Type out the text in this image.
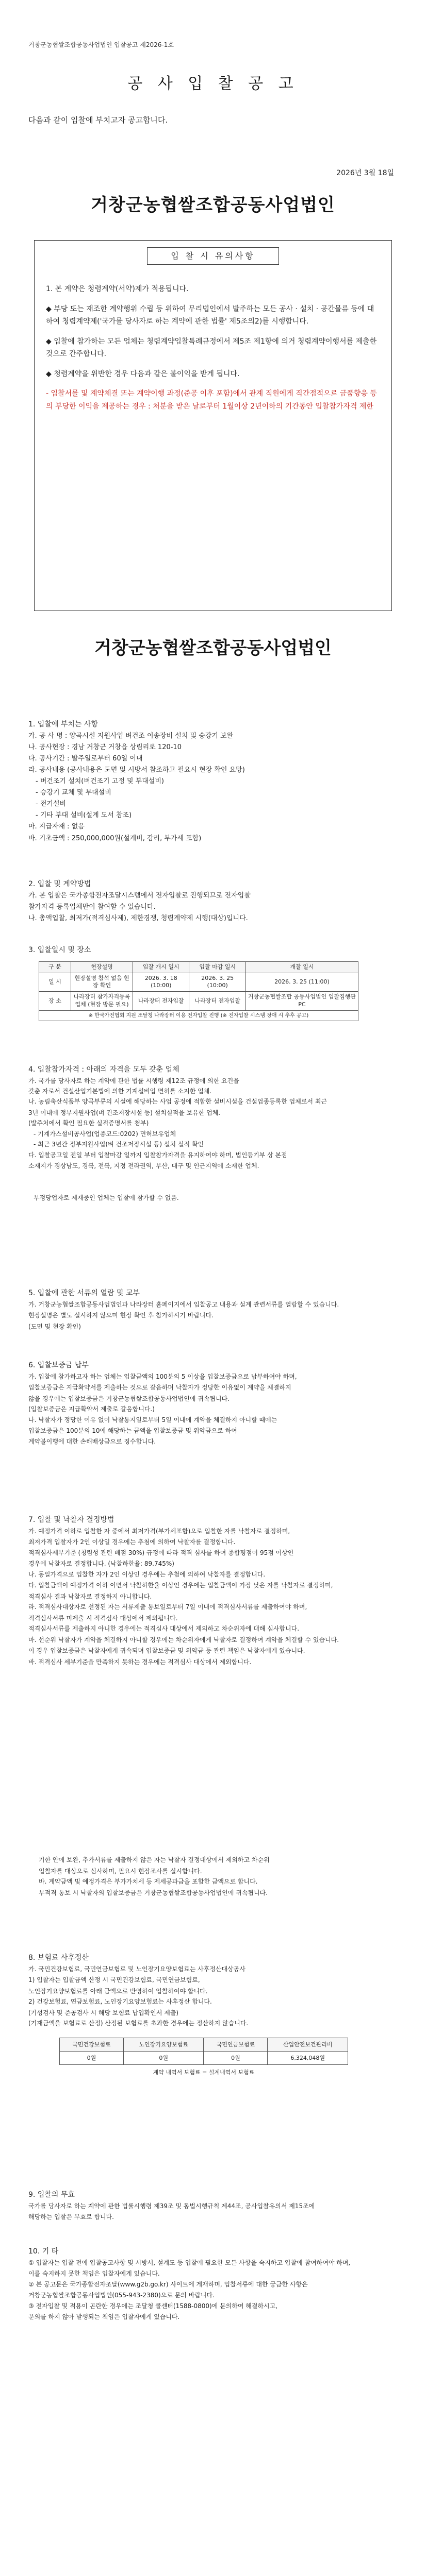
거창군농협쌀조합공동사업법인 입찰공고 제2026-1호
공 사 입 찰 공 고
다음과 같이 입찰에 부치고자 공고합니다.
2026년 3월 18일
거창군농협쌀조합공동사업법인

1. 본 계약은 청렴계약(서약)제가 적용됩니다.

◆ 부당 또는 재조한 계약행위 수립 등 위하여 무리법인에서 발주하는 모든 공사 · 설치 · 공간물류 등에 대하여 청렴계약제('국가를 당사자로 하는 계약에 관한 법률' 제5조의2)를 시행합니다.

◆ 입찰에 참가하는 모든 업체는 청렴계약입찰특례규정에서 제5조 제1항에 의거 청렴계약이행서를 제출한 것으로 간주합니다.

◆ 청렴계약을 위반한 경우 다음과 같은 불이익을 받게 됩니다.

- 입찰서를 및 계약체결 또는 계약이행 과정(준공 이후 포함)에서 관계 직원에게 직간접적으로 금품향응 등의 부당한 이익을 제공하는 경우 : 처분을 받은 날로부터 1월이상 2년이하의 기간동안 입찰참가자격 제한

입 찰 시 유의사항
거창군농협쌀조합공동사업법인
1. 입찰에 부치는 사항
가. 공 사 명 : 양곡시설 지원사업 벼건조 이송장비 설치 및 승강기 보완
나. 공사현장 : 경남 거창군 거창읍 상림리로 120-10
다. 공사기간 : 발주일로부터 60일 이내
라. 공사내용 (공사내용은 도면 및 시방서 참조하고 필요시 현장 확인 요망)
- 벼건조기 설치(벼건조기 고정 및 부대설비)
- 승강기 교체 및 부대설비
- 전기설비
- 기타 부대 설비(설계 도서 참조)
마. 지급자재 : 없음
바. 기초금액 : 250,000,000원(설계비, 감리, 부가세 포함)
2. 입찰 및 계약방법
가. 본 입찰은 국가종합전자조달시스템에서 전자입찰로 진행되므로 전자입찰
참가자격 등록업체만이 참여할 수 있습니다.
나. 총액입찰, 최저가(적격심사제), 제한경쟁, 청렴계약제 시행(대상)입니다.
3. 입찰일시 및 장소
구 분	현장설명	입찰 개시 일시	입찰 마감 일시	개찰 일시
일 시	현장설명 참석 없음 현장 확인	2026. 3. 18 (10:00)	2026. 3. 25 (10:00)	2026. 3. 25 (11:00)
장 소	나라장터 참가자격등록 업체 (현장 방문 필요)	나라장터 전자입찰	나라장터 전자입찰	거창군농협쌀조합 공동사업법인 입찰집행관 PC
※ 한국가전협회 지원 조달청 나라장터 이용 전자입찰 진행 (※ 전자입찰 시스템 장애 시 추후 공고)				
4. 입찰참가자격 : 아래의 자격을 모두 갖춘 업체
가. 국가를 당사자로 하는 계약에 관한 법률 시행령 제12조 규정에 의한 요건을
갖춘 자로서 건설산업기본법에 의한 기계설비업 면허를 소지한 업체.
나. 농림축산식품부 양곡부류의 시설에 해당하는 사업 공정에 적합한 설비시설을 건설업종등록한 업체로서 최근
3년 이내에 정부지원사업(벼 건조저장시설 등) 설치실적을 보유한 업체.
(발주처에서 확인 필요한 실적증명서를 첨부)
- 기계가스설비공사업(업종코드:0202) 면허보유업체
- 최근 3년간 정부지원사업(벼 건조저장시설 등) 설치 실적 확인
다. 입찰공고일 전일 부터 입찰마감 일까지 입찰참가자격을 유지하여야 하며, 법인등기부 상 본점
소재지가 경상남도, 경북, 전북, 지정 전라권역, 부산, 대구 및 인근지역에 소재한 업체.
부정당업자로 제재중인 업체는 입찰에 참가할 수 없음.
5. 입찰에 관한 서류의 열람 및 교부
가. 거창군농협쌀조합공동사업법인과 나라장터 홈페이지에서 입찰공고 내용과 설계 관련서류를 열람할 수 있습니다.
현장설명은 별도 실시하지 않으며 현장 확인 후 참가하시기 바랍니다.
(도면 및 현장 확인)
6. 입찰보증금 납부
가. 입찰에 참가하고자 하는 업체는 입찰금액의 100분의 5 이상을 입찰보증금으로 납부하여야 하며,
입찰보증금은 지급확약서를 제출하는 것으로 갈음하며 낙찰자가 정당한 이유없이 계약을 체결하지
않을 경우에는 입찰보증금은 거창군농협쌀조합공동사업법인에 귀속됩니다.
(입찰보증금은 지급확약서 제출로 갈음합니다.)
나. 낙찰자가 정당한 이유 없이 낙찰통지일로부터 5일 이내에 계약을 체결하지 아니할 때에는
입찰보증금은 100분의 10에 해당하는 금액을 입찰보증금 및 위약금으로 하여
계약불이행에 대한 손해배상금으로 징수합니다.
7. 입찰 및 낙찰자 결정방법
가. 예정가격 이하로 입찰한 자 중에서 최저가격(부가세포함)으로 입찰한 자를 낙찰자로 결정하며,
최저가격 입찰자가 2인 이상일 경우에는 추첨에 의하여 낙찰자를 결정합니다.
적격심사세부기준 (청렴성 관련 배점 30%) 규정에 따라 적격 심사를 하여 종합평점이 95점 이상인
경우에 낙찰자로 결정합니다. (낙찰하한율: 89.745%)
나. 동일가격으로 입찰한 자가 2인 이상인 경우에는 추첨에 의하여 낙찰자를 결정합니다.
다. 입찰금액이 예정가격 이하 이면서 낙찰하한율 이상인 경우에는 입찰금액이 가장 낮은 자를 낙찰자로 결정하며,
적격심사 결과 낙찰자로 결정하지 아니합니다.
라. 적격심사대상자로 선정된 자는 서류제출 통보일로부터 7일 이내에 적격심사서류를 제출하여야 하며,
적격심사서류 미제출 시 적격심사 대상에서 제외됩니다.
적격심사서류를 제출하지 아니한 경우에는 적격심사 대상에서 제외하고 차순위자에 대해 심사합니다.
마. 선순위 낙찰자가 계약을 체결하지 아니할 경우에는 차순위자에게 낙찰자로 결정하여 계약을 체결할 수 있습니다.
이 경우 입찰보증금은 낙찰자에게 귀속되며 입찰보증금 및 위약금 등 관련 책임은 낙찰자에게 있습니다.
바. 적격심사 세부기준을 만족하지 못하는 경우에는 적격심사 대상에서 제외합니다.
기한 안에 보완, 추가서류를 제출하지 않은 자는 낙찰자 결정대상에서 제외하고 차순위
입찰자를 대상으로 심사하며, 필요시 현장조사를 실시합니다.
바. 계약금액 및 예정가격은 부가가치세 등 제세공과금을 포함한 금액으로 합니다.
부적격 통보 시 낙찰자의 입찰보증금은 거창군농협쌀조합공동사업법인에 귀속됩니다.
8. 보험료 사후정산
가. 국민건강보험료, 국민연금보험료 및 노인장기요양보험료는 사후정산대상공사
1) 입찰자는 입찰금액 산정 시 국민건강보험료, 국민연금보험료,
노인장기요양보험료를 아래 금액으로 반영하여 입찰하여야 합니다.
2) 건강보험료, 연금보험료, 노인장기요양보험료는 사후정산 합니다.
(기성검사 및 준공검사 시 해당 보험료 납입확인서 제출)
(기재금액을 보험료로 산정) 산정된 보험료를 초과한 경우에는 정산하지 않습니다.
국민건강보험료	노인장기요양보험료	국민연금보험료	산업안전보건관리비
0원	0원	0원	6,324,048원
계약 내역서 보험료 = 설계내역서 보험료
9. 입찰의 무효
국가를 당사자로 하는 계약에 관한 법률시행령 제39조 및 동법시행규칙 제44조, 공사입찰유의서 제15조에
해당하는 입찰은 무효로 합니다.
10. 기 타
① 입찰자는 입찰 전에 입찰공고사항 및 시방서, 설계도 등 입찰에 필요한 모든 사항을 숙지하고 입찰에 참여하여야 하며,
이를 숙지하지 못한 책임은 입찰자에게 있습니다.
② 본 공고문은 국가종합전자조달(www.g2b.go.kr) 사이트에 게재하며, 입찰서류에 대한 궁금한 사항은
거창군농협쌀조합공동사업법인(055-943-2380)으로 문의 바랍니다.
③ 전자입찰 및 적용이 곤란한 경우에는 조달청 콜센터(1588-0800)에 문의하여 해결하시고,
문의를 하지 않아 발생되는 책임은 입찰자에게 있습니다.
